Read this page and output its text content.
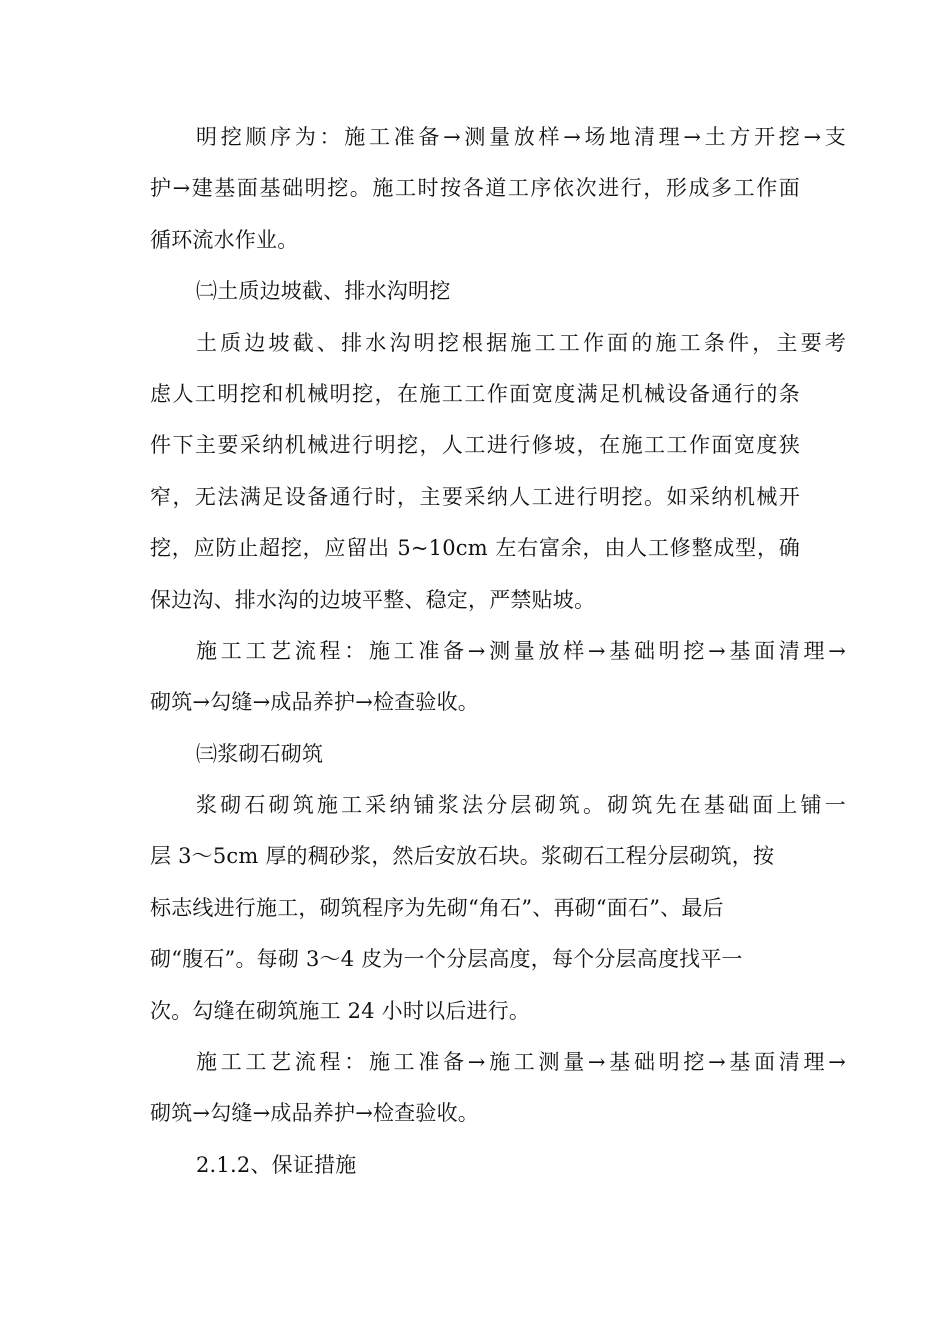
明挖顺序为：施工准备→测量放样→场地清理→土方开挖→支
护→建基面基础明挖。施工时按各道工序依次进行，形成多工作面
循环流水作业。
㈡土质边坡截、排水沟明挖
土质边坡截、排水沟明挖根据施工工作面的施工条件，主要考
虑人工明挖和机械明挖，在施工工作面宽度满足机械设备通行的条
件下主要采纳机械进行明挖，人工进行修坡，在施工工作面宽度狭
窄，无法满足设备通行时，主要采纳人工进行明挖。如采纳机械开
挖，应防止超挖，应留出 5~10cm 左右富余，由人工修整成型，确
保边沟、排水沟的边坡平整、稳定，严禁贴坡。
施工工艺流程：施工准备→测量放样→基础明挖→基面清理→
砌筑→勾缝→成品养护→检查验收。
㈢浆砌石砌筑
浆砌石砌筑施工采纳铺浆法分层砌筑。砌筑先在基础面上铺一
层 3～5cm 厚的稠砂浆，然后安放石块。浆砌石工程分层砌筑，按
标志线进行施工，砌筑程序为先砌“角石”、再砌“面石”、最后
砌“腹石”。每砌 3～4 皮为一个分层高度，每个分层高度找平一
次。勾缝在砌筑施工 24 小时以后进行。
施工工艺流程：施工准备→施工测量→基础明挖→基面清理→
砌筑→勾缝→成品养护→检查验收。
2.1.2、保证措施
